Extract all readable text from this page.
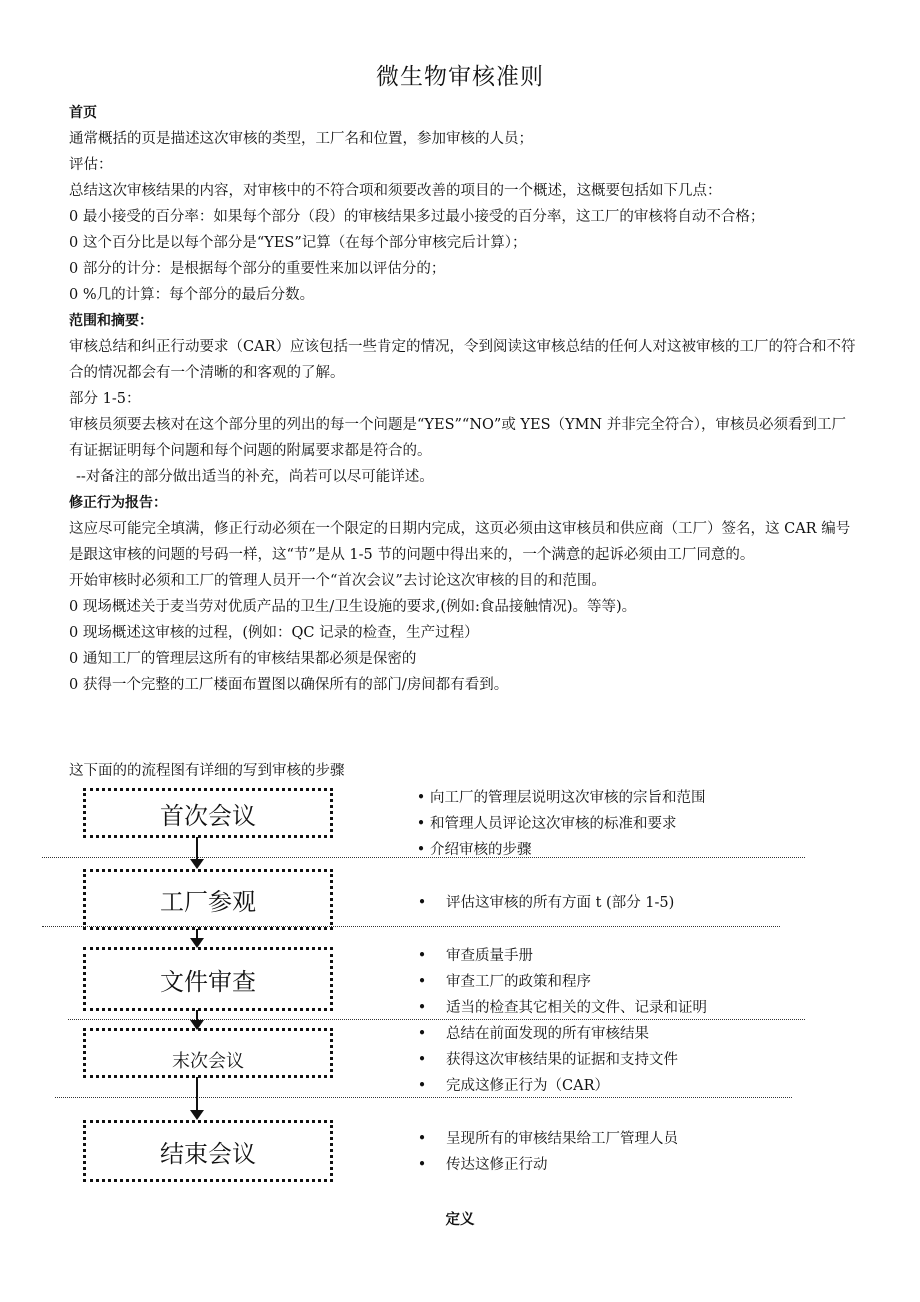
微生物审核准则

首页

通常概括的页是描述这次审核的类型，工厂名和位置，参加审核的人员；

评估：

总结这次审核结果的内容，对审核中的不符合项和须要改善的项目的一个概述，这概要包括如下几点：

0 最小接受的百分率：如果每个部分（段）的审核结果多过最小接受的百分率，这工厂的审核将自动不合格；

0 这个百分比是以每个部分是“YES”记算（在每个部分审核完后计算）；

0 部分的计分：是根据每个部分的重要性来加以评估分的；

0 %几的计算：每个部分的最后分数。

范围和摘要：

审核总结和纠正行动要求（CAR）应该包括一些肯定的情况，令到阅读这审核总结的任何人对这被审核的工厂的符合和不符合的情况都会有一个清晰的和客观的了解。

部分 1-5：

审核员须要去核对在这个部分里的列出的每一个问题是“YES”“NO”或 YES（YMN 并非完全符合），审核员必须看到工厂有证据证明每个问题和每个问题的附属要求都是符合的。

--对备注的部分做出适当的补充，尚若可以尽可能详述。

修正行为报告：

这应尽可能完全填满，修正行动必须在一个限定的日期内完成，这页必须由这审核员和供应商（工厂）签名，这 CAR 编号是跟这审核的问题的号码一样，这“节”是从 1-5 节的问题中得出来的，一个满意的起诉必须由工厂同意的。

开始审核时必须和工厂的管理人员开一个“首次会议”去讨论这次审核的目的和范围。

0 现场概述关于麦当劳对优质产品的卫生/卫生设施的要求,(例如:食品接触情况)。等等)。

0 现场概述这审核的过程，(例如：QC 记录的检查，生产过程）

0 通知工厂的管理层这所有的审核结果都必须是保密的

0 获得一个完整的工厂楼面布置图以确保所有的部门/房间都有看到。

这下面的的流程图有详细的写到审核的步骤
首次会议
工厂参观
文件审查
末次会议
结束会议
• 向工厂的管理层说明这次审核的宗旨和范围
• 和管理人员评论这次审核的标准和要求
• 介绍审核的步骤
• 评估这审核的所有方面 t (部分 1-5)
• 审查质量手册
• 审查工厂的政策和程序
• 适当的检查其它相关的文件、记录和证明
• 总结在前面发现的所有审核结果
• 获得这次审核结果的证据和支持文件
• 完成这修正行为（CAR）
• 呈现所有的审核结果给工厂管理人员
• 传达这修正行动
定义
